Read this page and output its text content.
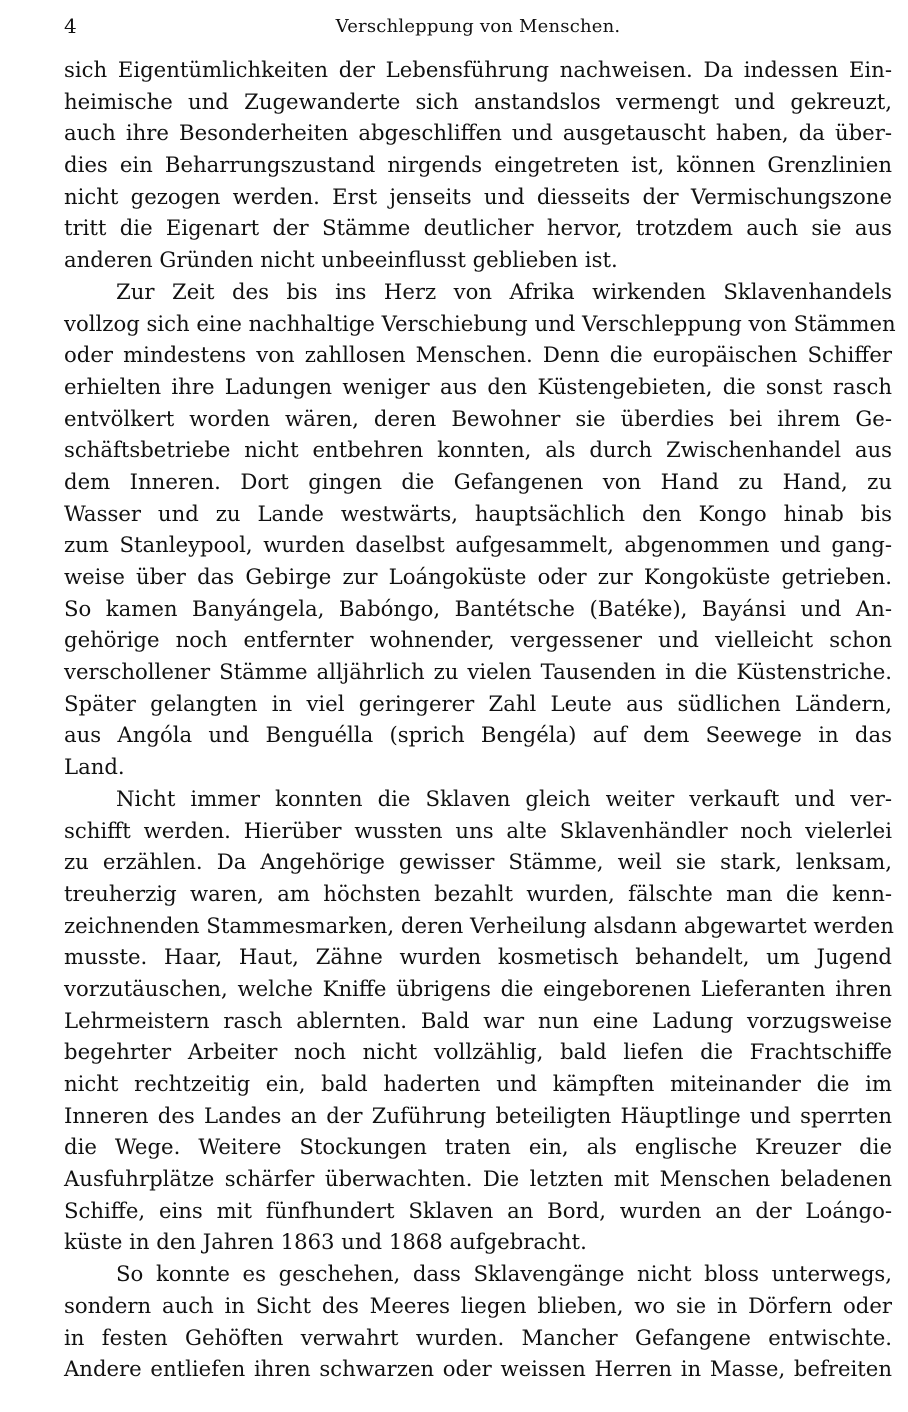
4	Verschleppung von Menschen.
sich Eigentümlichkeiten der Lebensführung nachweisen. Da indessen Ein-
heimische und Zugewanderte sich anstandslos vermengt und gekreuzt,
auch ihre Besonderheiten abgeschliffen und ausgetauscht haben, da über-
dies ein Beharrungszustand nirgends eingetreten ist, können Grenzlinien
nicht gezogen werden. Erst jenseits und diesseits der Vermischungszone
tritt die Eigenart der Stämme deutlicher hervor, trotzdem auch sie aus
anderen Gründen nicht unbeeinflusst geblieben ist.
Zur Zeit des bis ins Herz von Afrika wirkenden Sklavenhandels
vollzog sich eine nachhaltige Verschiebung und Verschleppung von Stämmen
oder mindestens von zahllosen Menschen. Denn die europäischen Schiffer
erhielten ihre Ladungen weniger aus den Küstengebieten, die sonst rasch
entvölkert worden wären, deren Bewohner sie überdies bei ihrem Ge-
schäftsbetriebe nicht entbehren konnten, als durch Zwischenhandel aus
dem Inneren. Dort gingen die Gefangenen von Hand zu Hand, zu
Wasser und zu Lande westwärts, hauptsächlich den Kongo hinab bis
zum Stanleypool, wurden daselbst aufgesammelt, abgenommen und gang-
weise über das Gebirge zur Loángoküste oder zur Kongoküste getrieben.
So kamen Banyángela, Babóngo, Bantétsche (Batéke), Bayánsi und An-
gehörige noch entfernter wohnender, vergessener und vielleicht schon
verschollener Stämme alljährlich zu vielen Tausenden in die Küstenstriche.
Später gelangten in viel geringerer Zahl Leute aus südlichen Ländern,
aus Angóla und Benguélla (sprich Bengéla) auf dem Seewege in das
Land.
Nicht immer konnten die Sklaven gleich weiter verkauft und ver-
schifft werden. Hierüber wussten uns alte Sklavenhändler noch vielerlei
zu erzählen. Da Angehörige gewisser Stämme, weil sie stark, lenksam,
treuherzig waren, am höchsten bezahlt wurden, fälschte man die kenn-
zeichnenden Stammesmarken, deren Verheilung alsdann abgewartet werden
musste. Haar, Haut, Zähne wurden kosmetisch behandelt, um Jugend
vorzutäuschen, welche Kniffe übrigens die eingeborenen Lieferanten ihren
Lehrmeistern rasch ablernten. Bald war nun eine Ladung vorzugsweise
begehrter Arbeiter noch nicht vollzählig, bald liefen die Frachtschiffe
nicht rechtzeitig ein, bald haderten und kämpften miteinander die im
Inneren des Landes an der Zuführung beteiligten Häuptlinge und sperrten
die Wege. Weitere Stockungen traten ein, als englische Kreuzer die
Ausfuhrplätze schärfer überwachten. Die letzten mit Menschen beladenen
Schiffe, eins mit fünfhundert Sklaven an Bord, wurden an der Loángo-
küste in den Jahren 1863 und 1868 aufgebracht.
So konnte es geschehen, dass Sklavengänge nicht bloss unterwegs,
sondern auch in Sicht des Meeres liegen blieben, wo sie in Dörfern oder
in festen Gehöften verwahrt wurden. Mancher Gefangene entwischte.
Andere entliefen ihren schwarzen oder weissen Herren in Masse, befreiten
